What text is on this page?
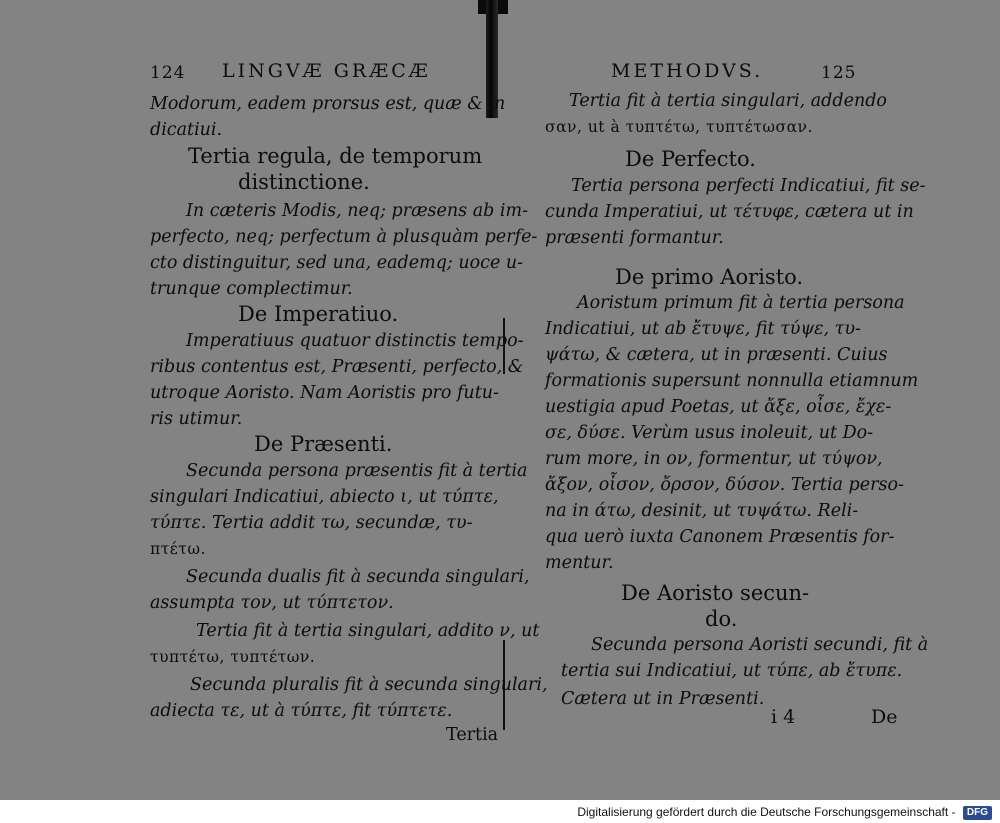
124 LINGVÆ GRÆCÆ
Modorum, eadem prorsus est, quæ & in
dicatiui.
Tertia regula, de temporum
distinctione.
In cæteris Modis, neq; præsens ab im-
perfecto, neq; perfectum à plusquàm perfe-
cto distinguitur, sed una, eademq; uoce u-
trunque complectimur.
De Imperatiuo.
Imperatiuus quatuor distinctis tempo-
ribus contentus est, Præsenti, perfecto, &
utroque Aoristo. Nam Aoristis pro futu-
ris utimur.
De Præsenti.
Secunda persona præsentis fit à tertia
singulari Indicatiui, abiecto ι, ut τύπτε,
τύπτε. Tertia addit τω, secundæ, τυ-
πτέτω.
Secunda dualis fit à secunda singulari,
assumpta τον, ut τύπτετον.
Tertia fit à tertia singulari, addito ν, ut
τυπτέτω, τυπτέτων.
Secunda pluralis fit à secunda singulari,
adiecta τε, ut à τύπτε, fit τύπτετε.
Tertia
METHODVS.	125
Tertia fit à tertia singulari, addendo
σαν, ut à τυπτέτω, τυπτέτωσαν.
De Perfecto.
Tertia persona perfecti Indicatiui, fit se-
cunda Imperatiui, ut τέτυφε, cætera ut in
præsenti formantur.
De primo Aoristo.
Aoristum primum fit à tertia persona
Indicatiui, ut ab ἔτυψε, fit τύψε, τυ-
ψάτω, & cætera, ut in præsenti. Cuius
formationis supersunt nonnulla etiamnum
uestigia apud Poetas, ut ἄξε, οἶσε, ἔχε-
σε, δύσε. Verùm usus inoleuit, ut Do-
rum more, in ον, formentur, ut τύψον,
ἄξον, οἶσον, ὄρσον, δύσον. Tertia perso-
na in άτω, desinit, ut τυψάτω. Reli-
qua uerò iuxta Canonem Præsentis for-
mentur.
De Aoristo secun-
do.
Secunda persona Aoristi secundi, fit à
tertia sui Indicatiui, ut τύπε, ab ἔτυπε.
Cætera ut in Præsenti.
i 4	De
Digitalisierung gefördert durch die Deutsche Forschungsgemeinschaft - DFG
